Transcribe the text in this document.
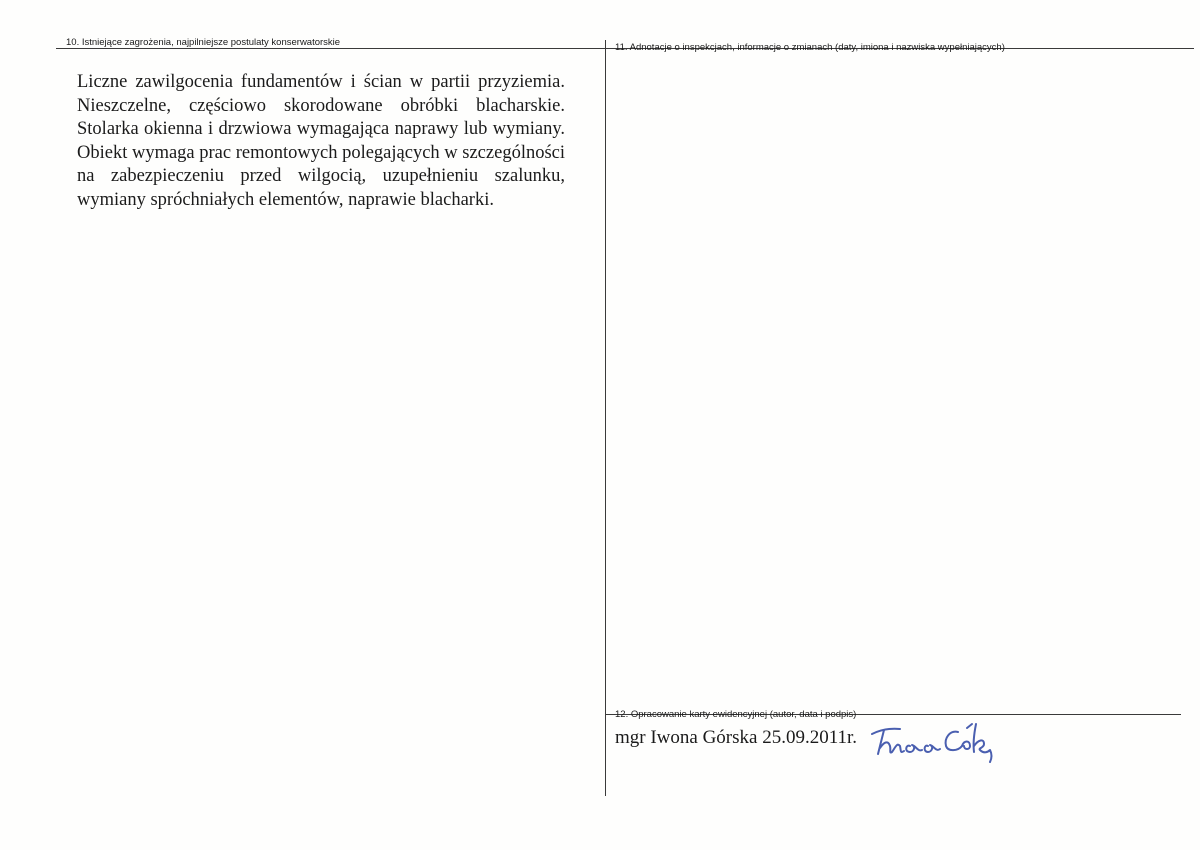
10. Istniejące zagrożenia, najpilniejsze postulaty konserwatorskie
Liczne zawilgocenia fundamentów i ścian w partii przyziemia. Nieszczelne, częściowo skorodowane obróbki blacharskie. Stolarka okienna i drzwiowa wymagająca naprawy lub wymiany. Obiekt wymaga prac remontowych polegających w szczególności na zabezpieczeniu przed wilgocią, uzupełnieniu szalunku, wymiany spróchniałych elementów, naprawie blacharki.
11. Adnotacje o inspekcjach, informacje o zmianach (daty, imiona i nazwiska wypełniających)
12. Opracowanie karty ewidencyjnej (autor, data i podpis)
mgr Iwona Górska 25.09.2011r.
